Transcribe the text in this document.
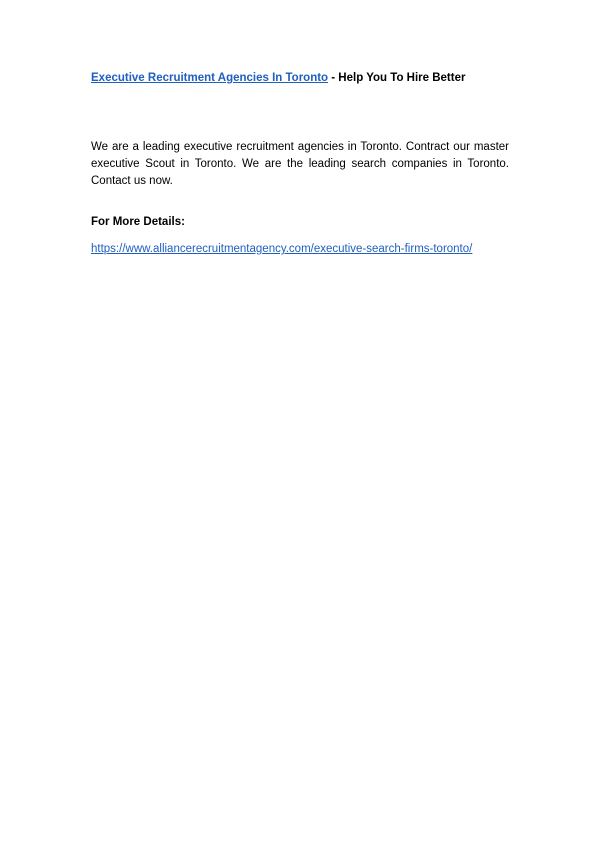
Executive Recruitment Agencies In Toronto - Help You To Hire Better

We are a leading executive recruitment agencies in Toronto. Contract our master executive Scout in Toronto. We are the leading search companies in Toronto. Contact us now.

For More Details:
https://www.alliancerecruitmentagency.com/executive-search-firms-toronto/
